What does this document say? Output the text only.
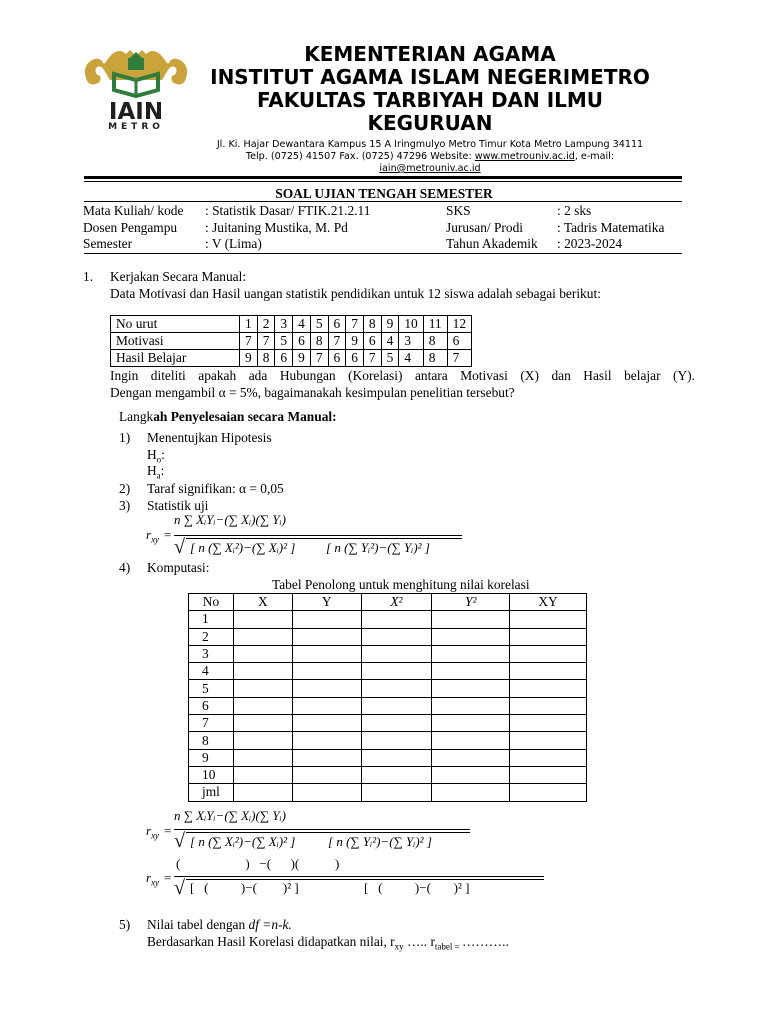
IAIN
METRO
KEMENTERIAN AGAMA
INSTITUT AGAMA ISLAM NEGERIMETRO
FAKULTAS TARBIYAH DAN ILMU
KEGURUAN
Jl. Ki. Hajar Dewantara Kampus 15 A Iringmulyo Metro Timur Kota Metro Lampung 34111
Telp. (0725) 41507 Fax. (0725) 47296 Website: www.metrouniv.ac.id, e-mail:
iain@metrouniv.ac.id
SOAL UJIAN TENGAH SEMESTER
Mata Kuliah/ kode : Statistik Dasar/ FTIK.21.2.11	SKS	: 2 sks
Dosen Pengampu : Juitaning Mustika, M. Pd	Jurusan/ Prodi	: Tadris Matematika
Semester	: V (Lima)	Tahun Akademik : 2023-2024
1. Kerjakan Secara Manual:
Data Motivasi dan Hasil uangan statistik pendidikan untuk 12 siswa adalah sebagai berikut:
No urut	1	2	3	4	5	6	7	8	9	10	11	12
Motivasi	7	7	5	6	8	7	9	6	4	3	8	6
Hasil Belajar	9	8	6	9	7	6	6	7	5	4	8	7
Ingin diteliti apakah ada Hubungan (Korelasi) antara Motivasi (X) dan Hasil belajar (Y).
Dengan mengambil α = 5%, bagaimanakah kesimpulan penelitian tersebut?
Langkah Penyelesaian secara Manual:
1) Menentujkan Hipotesis
$H_o$:
$H_a$:
2) Taraf signifikan: α = 0,05
3) Statistik uji
$r_{xy}$ =
n ∑ XᵢYᵢ−(∑ Xᵢ)(∑ Yᵢ)
√ [ n (∑ Xᵢ²)−(∑ Xᵢ)² ] [ n (∑ Yᵢ²)−(∑ Yᵢ)² ]
4) Komputasi:
Tabel Penolong untuk menghitung nilai korelasi
No	X	Y	X²	Y²	XY
1					
2					
3					
4					
5					
6					
7					
8					
9					
10					
jml					
$r_{xy}$ =
n ∑ XᵢYᵢ−(∑ Xᵢ)(∑ Yᵢ)
√ [ n (∑ Xᵢ²)−(∑ Xᵢ)² ]	[ n (∑ Yᵢ²)−(∑ Yᵢ)² ]
$r_{xy}$ =
(                    )   −(      )(           )
√ [   (          )−(        )² ]	[   (          )−(       )² ]
5) Nilai tabel dengan df =n-k.
Berdasarkan Hasil Korelasi didapatkan nilai, $r_{xy}$ ….. $r_{tabel =}$ ………..
